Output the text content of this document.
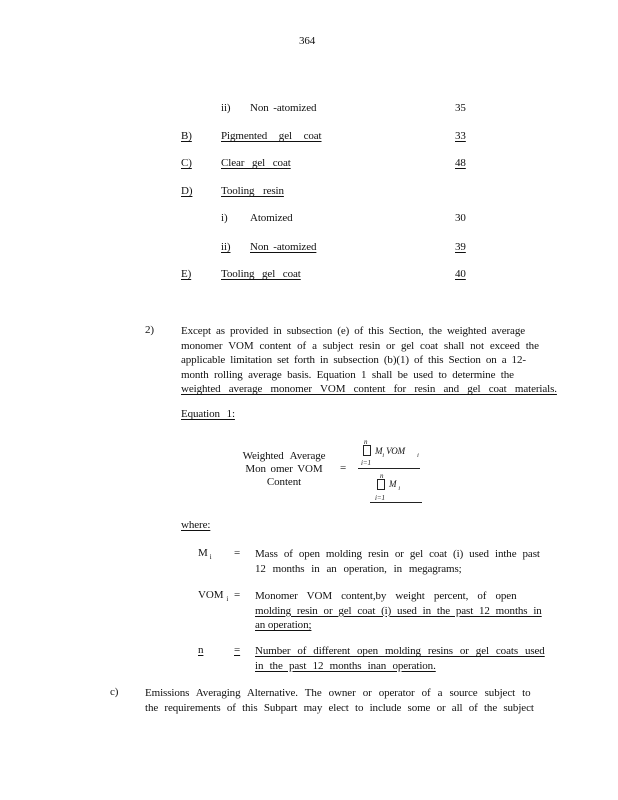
364
ii) Non -atomized	35
B)	Pigmented gel coat	33
C)	Clear gel coat	48
D)	Tooling resin
i) Atomized	30
ii) Non -atomized	39
E)	Tooling gel coat	40
2) Except as provided in subsection (e) of this Section, the weighted average
monomer VOM content of a subject resin or gel coat shall not exceed the
applicable limitation set forth in subsection (b)(1) of this Section on a 12-
month rolling average basis. Equation 1 shall be used to determine the
weighted average monomer VOM content for resin and gel coat materials.
Equation 1:
Weighted Average
Mon omer VOM
Content
=
n
i=1
$M_i$ VOM $_i$
n
i=1
M $_i$
where:
M $_i$ = Mass of open molding resin or gel coat (i) used inthe past
12 months in an operation, in megagrams;
VOM $_i$ = Monomer VOM content,by weight percent, of open
molding resin or gel coat (i) used in the past 12 months in
an operation;
n	= Number of different open molding resins or gel coats used
in the past 12 months inan operation.
c) Emissions Averaging Alternative. The owner or operator of a source subject to
the requirements of this Subpart may elect to include some or all of the subject
